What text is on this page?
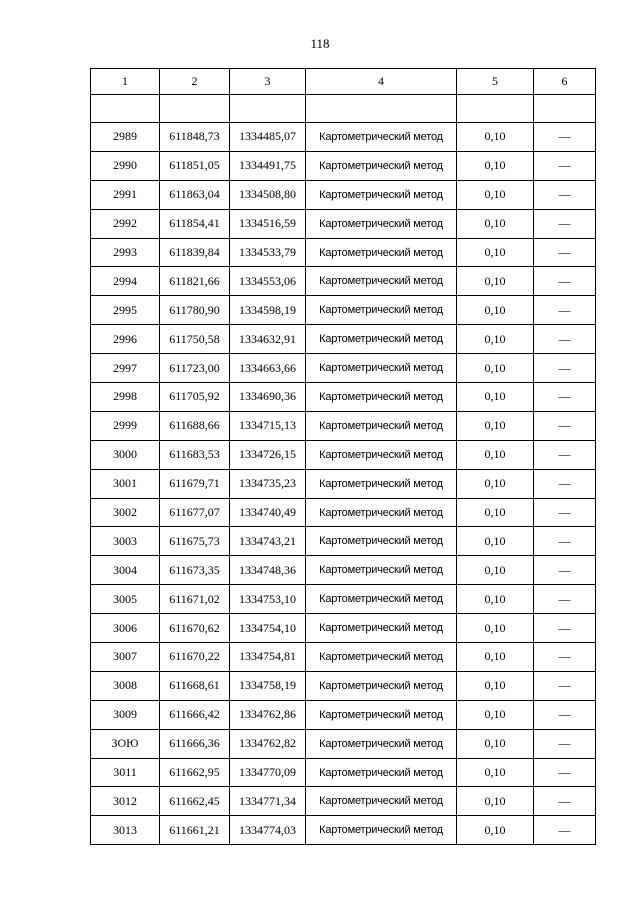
118
1	2	3	4	5	6

2989	611848,73	1334485,07	Картометрический метод	0,10	—
2990	611851,05	1334491,75	Картометрический метод	0,10	—
2991	611863,04	1334508,80	Картометрический метод	0,10	—
2992	611854,41	1334516,59	Картометрический метод	0,10	—
2993	611839,84	1334533,79	Картометрический метод	0,10	—
2994	611821,66	1334553,06	Картометрический метод	0,10	—
2995	611780,90	1334598,19	Картометрический метод	0,10	—
2996	611750,58	1334632,91	Картометрический метод	0,10	—
2997	611723,00	1334663,66	Картометрический метод	0,10	—
2998	611705,92	1334690,36	Картометрический метод	0,10	—
2999	611688,66	1334715,13	Картометрический метод	0,10	—
3000	611683,53	1334726,15	Картометрический метод	0,10	—
3001	611679,71	1334735,23	Картометрический метод	0,10	—
3002	611677,07	1334740,49	Картометрический метод	0,10	—
3003	611675,73	1334743,21	Картометрический метод	0,10	—
3004	611673,35	1334748,36	Картометрический метод	0,10	—
3005	611671,02	1334753,10	Картометрический метод	0,10	—
3006	611670,62	1334754,10	Картометрический метод	0,10	—
3007	611670,22	1334754,81	Картометрический метод	0,10	—
3008	611668,61	1334758,19	Картометрический метод	0,10	—
3009	611666,42	1334762,86	Картометрический метод	0,10	—
ЗОЮ	611666,36	1334762,82	Картометрический метод	0,10	—
3011	611662,95	1334770,09	Картометрический метод	0,10	—
3012	611662,45	1334771,34	Картометрический метод	0,10	—
3013	611661,21	1334774,03	Картометрический метод	0,10	—
